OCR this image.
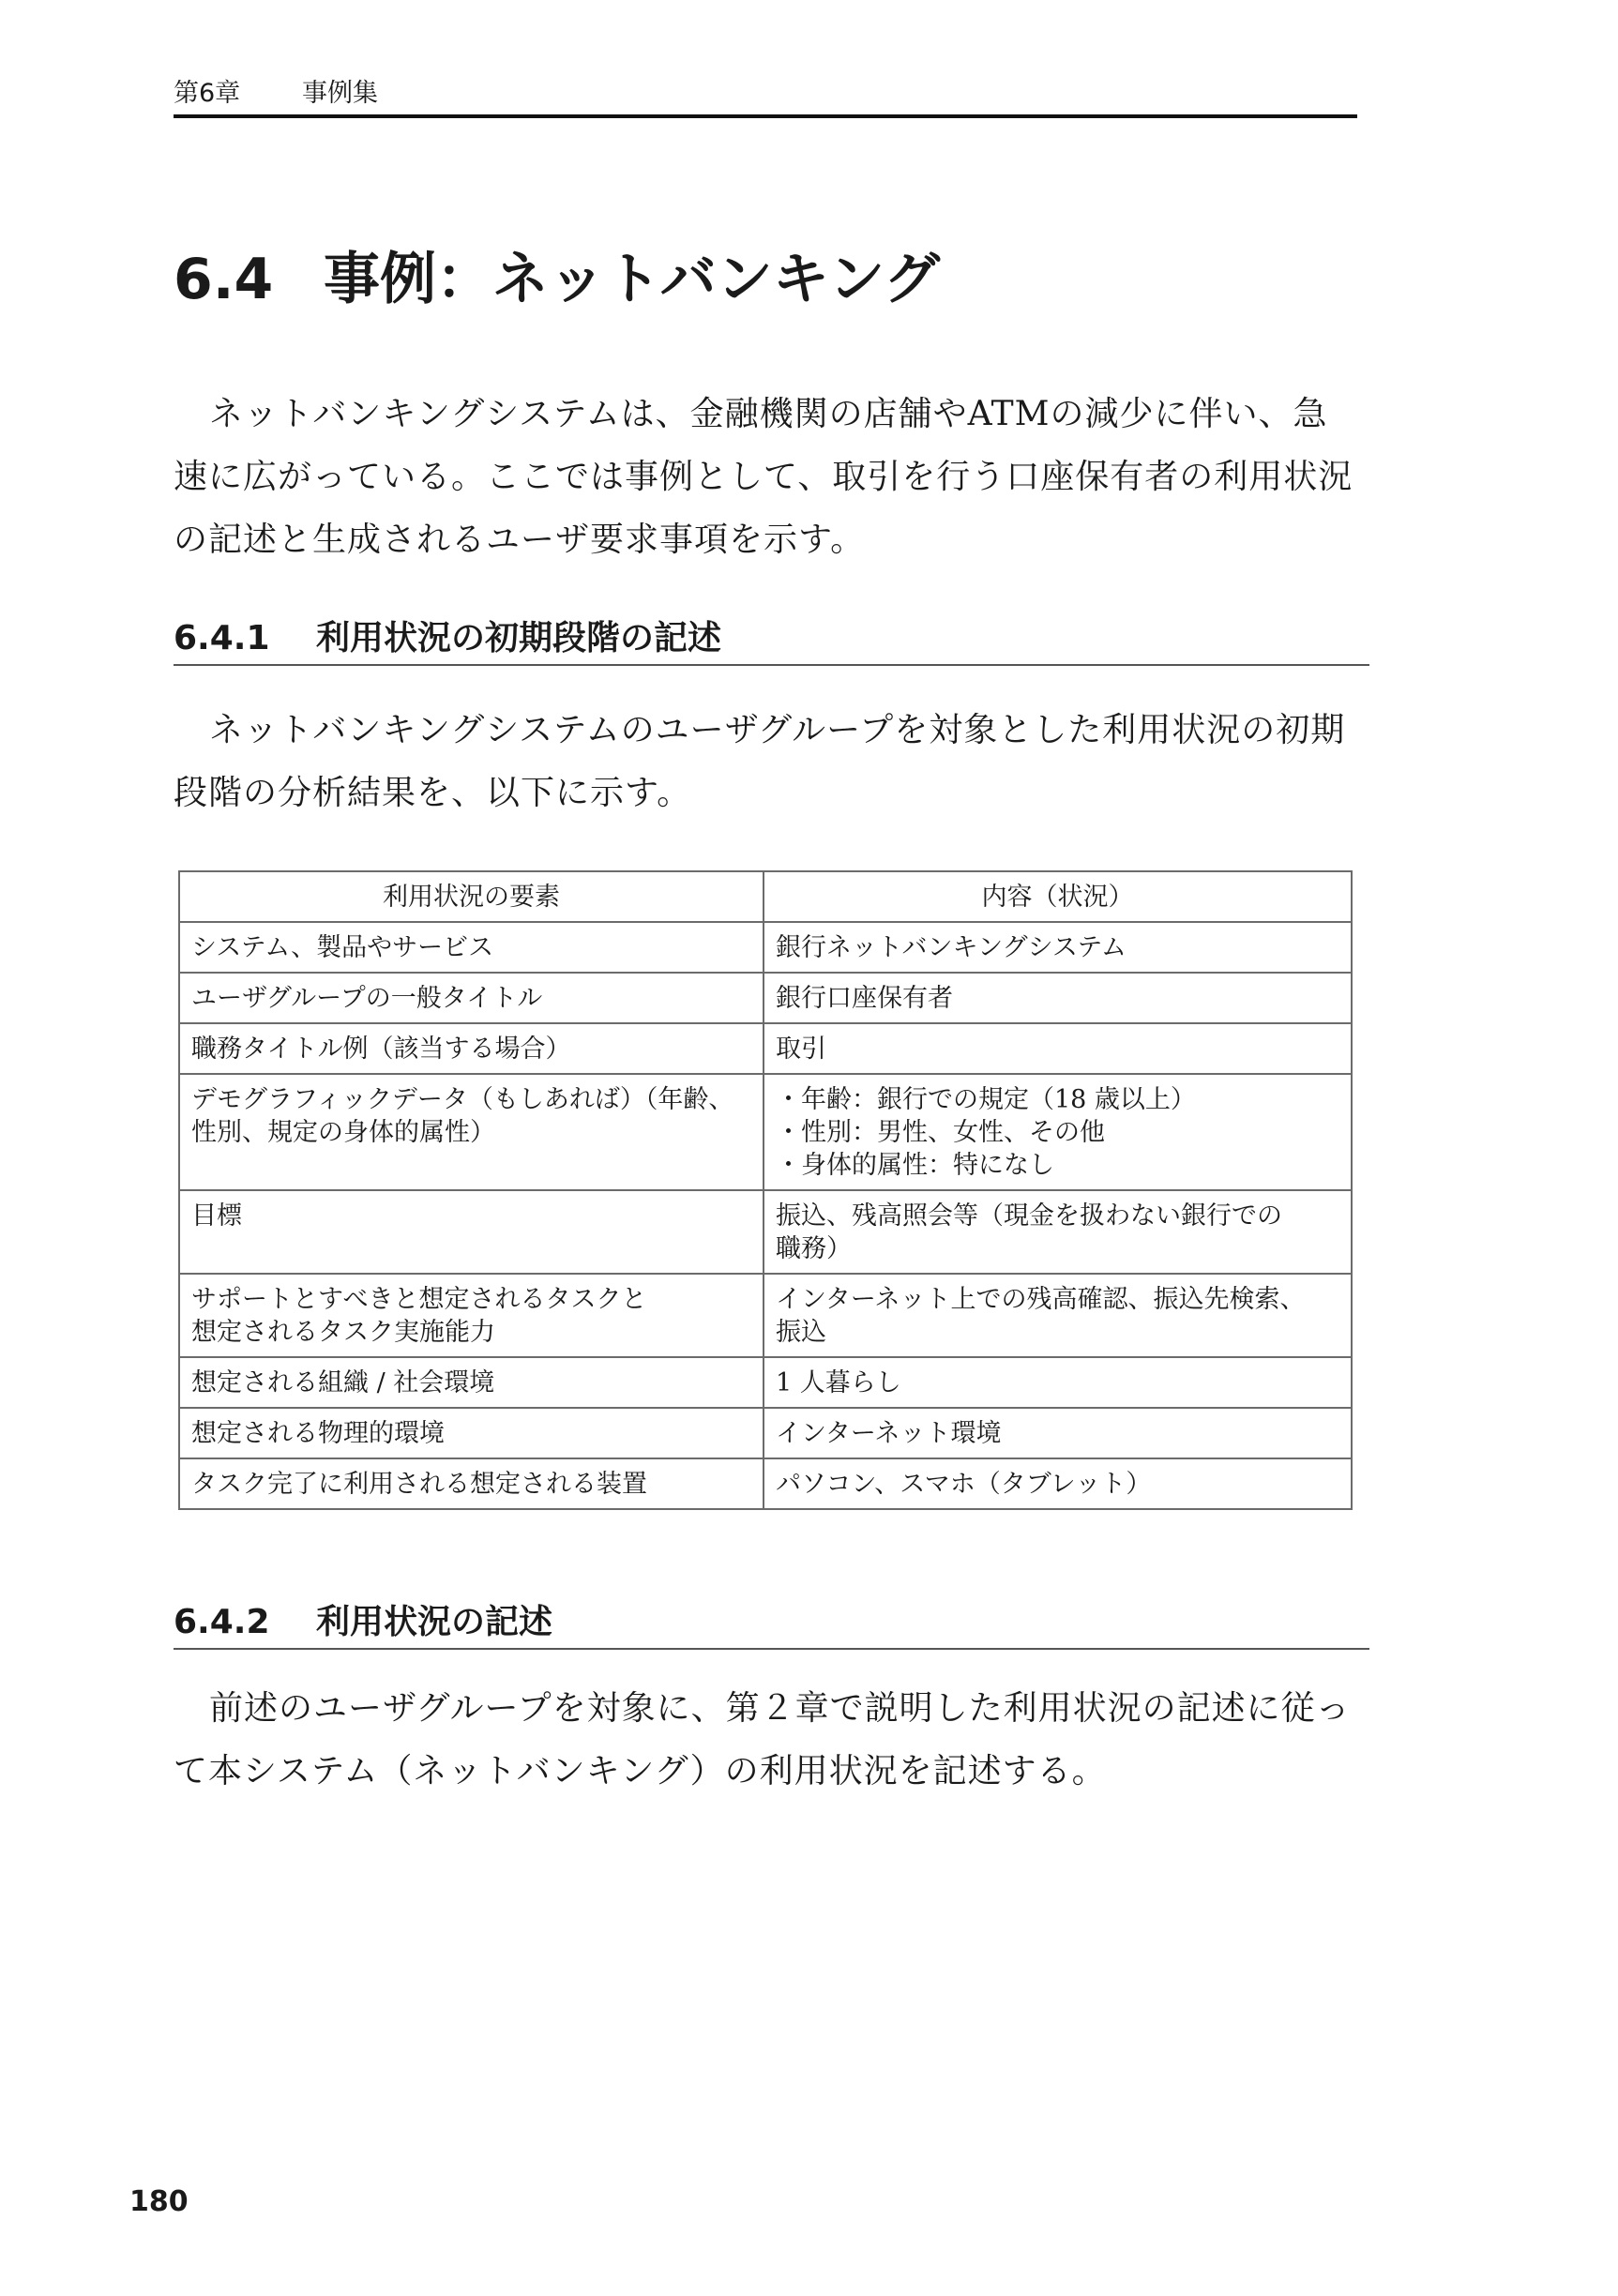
第6章 事例集
6.4 事例：ネットバンキング

ネットバンキングシステムは、金融機関の店舗やATMの減少に伴い、急速に広がっている。ここでは事例として、取引を行う口座保有者の利用状況の記述と生成されるユーザ要求事項を示す。

6.4.1 利用状況の初期段階の記述

ネットバンキングシステムのユーザグループを対象とした利用状況の初期段階の分析結果を、以下に示す。

利用状況の要素	内容（状況）
システム、製品やサービス	銀行ネットバンキングシステム
ユーザグループの一般タイトル	銀行口座保有者
職務タイトル例（該当する場合）	取引
デモグラフィックデータ（もしあれば）（年齢、
性別、規定の身体的属性）	・年齢：銀行での規定（18 歳以上）
・性別：男性、女性、その他
・身体的属性：特になし
目標	振込、残高照会等（現金を扱わない銀行での
職務）
サポートとすべきと想定されるタスクと
想定されるタスク実施能力	インターネット上での残高確認、振込先検索、
振込
想定される組織 / 社会環境	1 人暮らし
想定される物理的環境	インターネット環境
タスク完了に利用される想定される装置	パソコン、スマホ（タブレット）
6.4.2 利用状況の記述

前述のユーザグループを対象に、第２章で説明した利用状況の記述に従って本システム（ネットバンキング）の利用状況を記述する。

180
